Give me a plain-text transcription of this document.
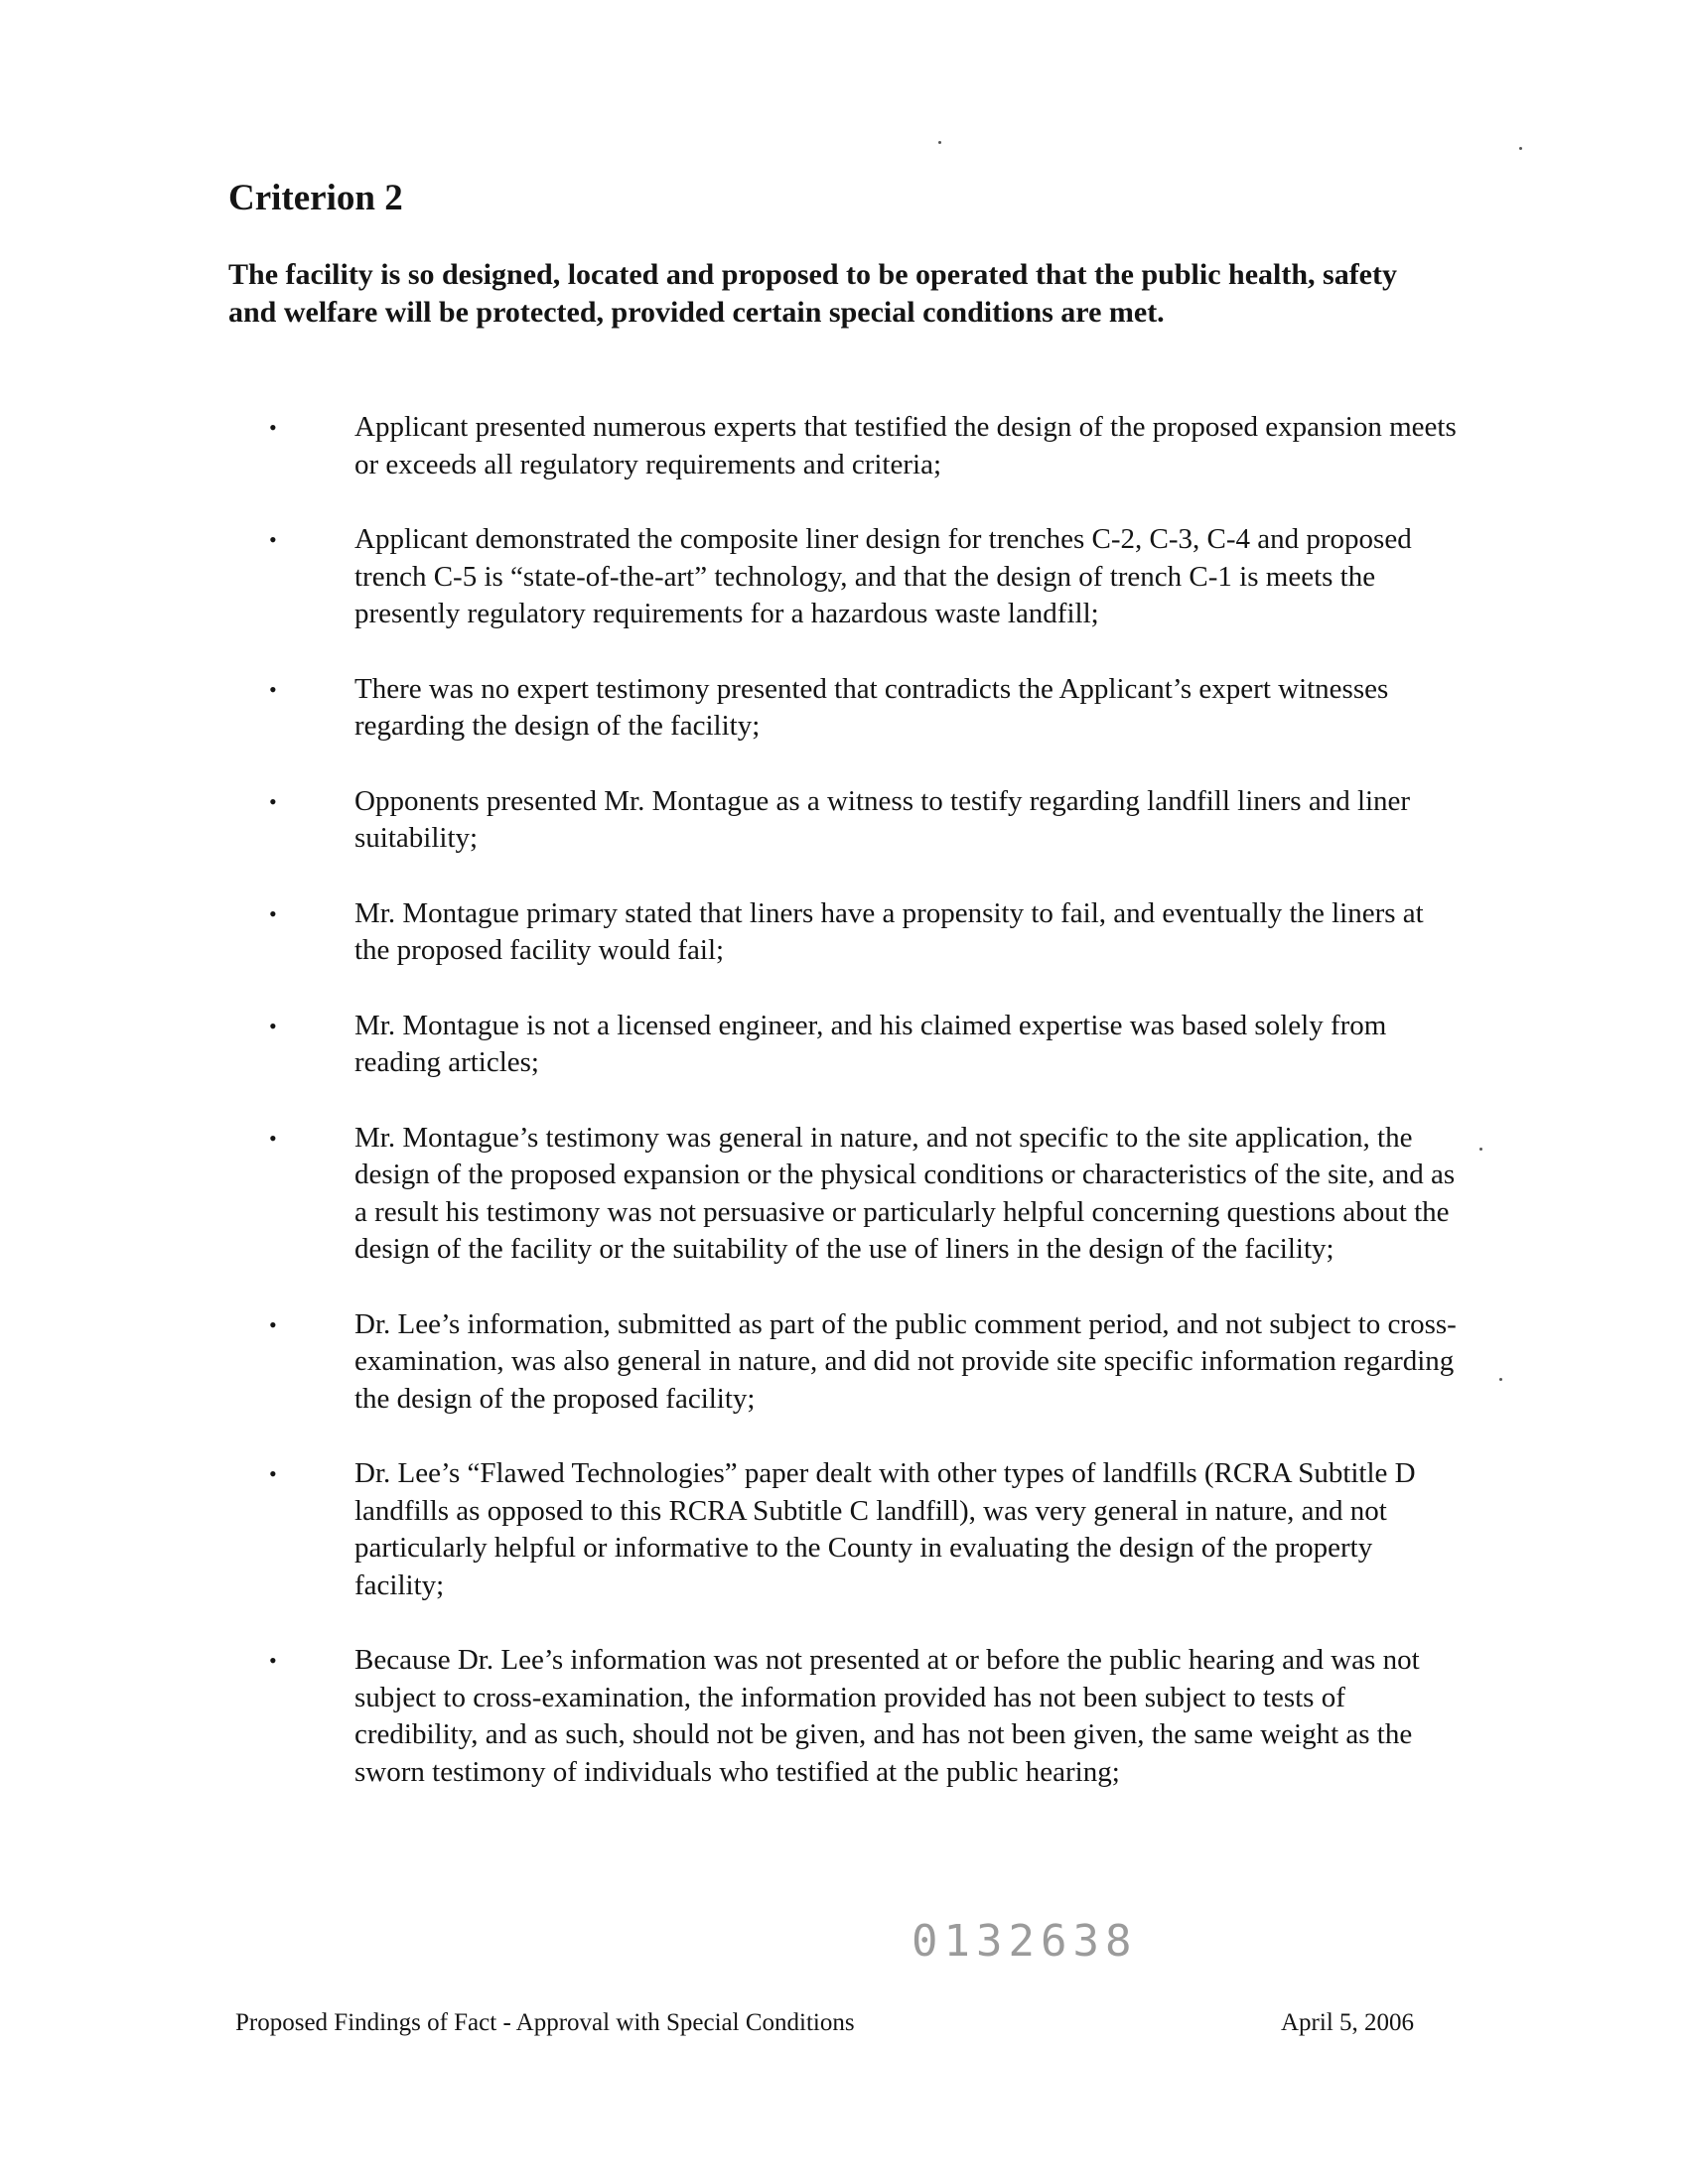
Criterion 2

The facility is so designed, located and proposed to be operated that the public health, safety and welfare will be protected, provided certain special conditions are met.

•	Applicant presented numerous experts that testified the design of the proposed expansion meets or exceeds all regulatory requirements and criteria;
•	Applicant demonstrated the composite liner design for trenches C-2, C-3, C-4 and proposed trench C-5 is “state-of-the-art” technology, and that the design of trench C-1 is meets the presently regulatory requirements for a hazardous waste landfill;
•	There was no expert testimony presented that contradicts the Applicant’s expert witnesses regarding the design of the facility;
•	Opponents presented Mr. Montague as a witness to testify regarding landfill liners and liner suitability;
•	Mr. Montague primary stated that liners have a propensity to fail, and eventually the liners at the proposed facility would fail;
•	Mr. Montague is not a licensed engineer, and his claimed expertise was based solely from reading articles;
•	Mr. Montague’s testimony was general in nature, and not specific to the site application, the design of the proposed expansion or the physical conditions or characteristics of the site, and as a result his testimony was not persuasive or particularly helpful concerning questions about the design of the facility or the suitability of the use of liners in the design of the facility;
•	Dr. Lee’s information, submitted as part of the public comment period, and not subject to cross-examination, was also general in nature, and did not provide site specific information regarding the design of the proposed facility;
•	Dr. Lee’s “Flawed Technologies” paper dealt with other types of landfills (RCRA Subtitle D landfills as opposed to this RCRA Subtitle C landfill), was very general in nature, and not particularly helpful or informative to the County in evaluating the design of the property facility;
•	Because Dr. Lee’s information was not presented at or before the public hearing and was not subject to cross-examination, the information provided has not been subject to tests of credibility, and as such, should not be given, and has not been given, the same weight as the sworn testimony of individuals who testified at the public hearing;
0132638
Proposed Findings of Fact - Approval with Special Conditions	April 5, 2006
